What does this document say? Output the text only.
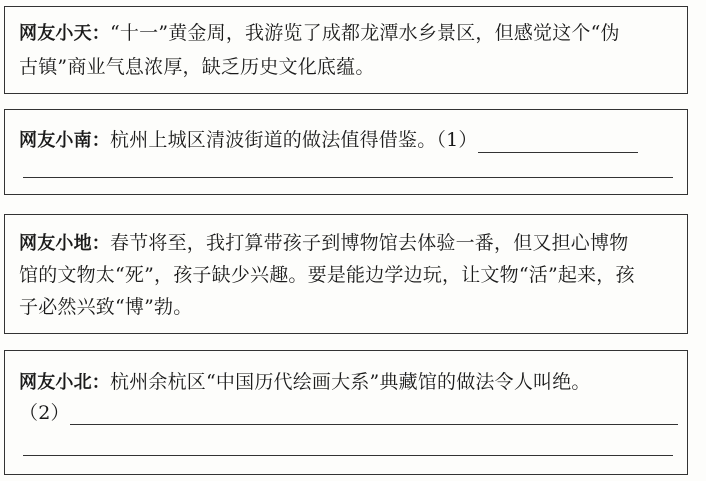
网友小天：“十一”黄金周，我游览了成都龙潭水乡景区，但感觉这个“伪
古镇”商业气息浓厚，缺乏历史文化底蕴。
网友小南：杭州上城区清波街道的做法值得借鉴。（1）
网友小地：春节将至，我打算带孩子到博物馆去体验一番，但又担心博物
馆的文物太“死”，孩子缺少兴趣。要是能边学边玩，让文物“活”起来，孩
子必然兴致“博”勃。
网友小北：杭州余杭区“中国历代绘画大系”典藏馆的做法令人叫绝。
（2）
